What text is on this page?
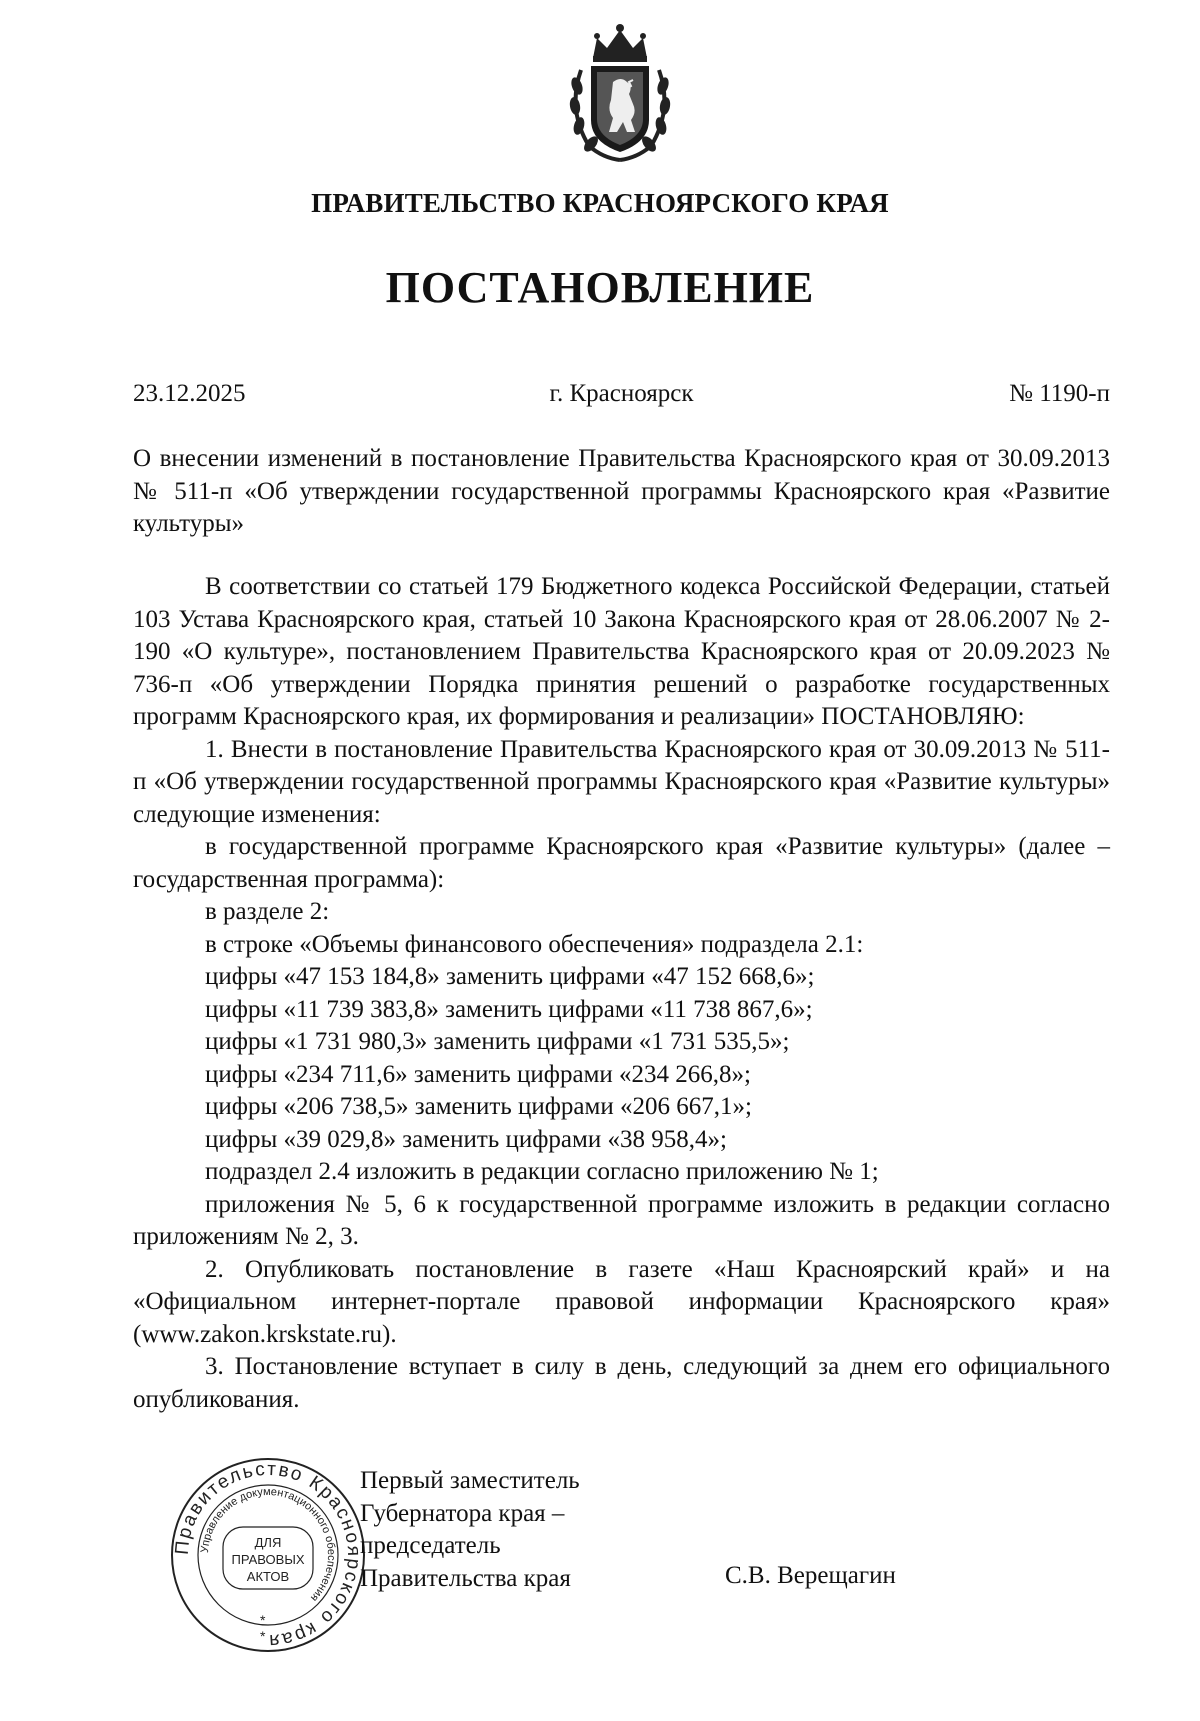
ПРАВИТЕЛЬСТВО КРАСНОЯРСКОГО КРАЯ
ПОСТАНОВЛЕНИЕ
23.12.2025	г. Красноярск	№ 1190-п

О внесении изменений в постановление Правительства Красноярского края от 30.09.2013 № 511-п «Об утверждении государственной программы Красноярского края «Развитие культуры»

В соответствии со статьей 179 Бюджетного кодекса Российской Федерации, статьей 103 Устава Красноярского края, статьей 10 Закона Красноярского края от 28.06.2007 № 2-190 «О культуре», постановлением Правительства Красноярского края от 20.09.2023 № 736-п «Об утверждении Порядка принятия решений о разработке государственных программ Красноярского края, их формирования и реализации» ПОСТАНОВЛЯЮ:

1. Внести в постановление Правительства Красноярского края от 30.09.2013 № 511-п «Об утверждении государственной программы Красноярского края «Развитие культуры» следующие изменения:

в государственной программе Красноярского края «Развитие культуры» (далее – государственная программа):

в разделе 2:
в строке «Объемы финансового обеспечения» подраздела 2.1:
цифры «47 153 184,8» заменить цифрами «47 152 668,6»;
цифры «11 739 383,8» заменить цифрами «11 738 867,6»;
цифры «1 731 980,3» заменить цифрами «1 731 535,5»;
цифры «234 711,6» заменить цифрами «234 266,8»;
цифры «206 738,5» заменить цифрами «206 667,1»;
цифры «39 029,8» заменить цифрами «38 958,4»;
подраздел 2.4 изложить в редакции согласно приложению № 1;

приложения № 5, 6 к государственной программе изложить в редакции согласно приложениям № 2, 3.

2. Опубликовать постановление в газете «Наш Красноярский край» и на «Официальном интернет-портале правовой информации Красноярского края» (www.zakon.krskstate.ru).

3. Постановление вступает в силу в день, следующий за днем его официального опубликования.

Правительство Красноярского края
Управление документационного обеспечения
ДЛЯ
ПРАВОВЫХ
АКТОВ
*
*
Первый заместитель
Губернатора края –
председатель
Правительства края	С.В. Верещагин
